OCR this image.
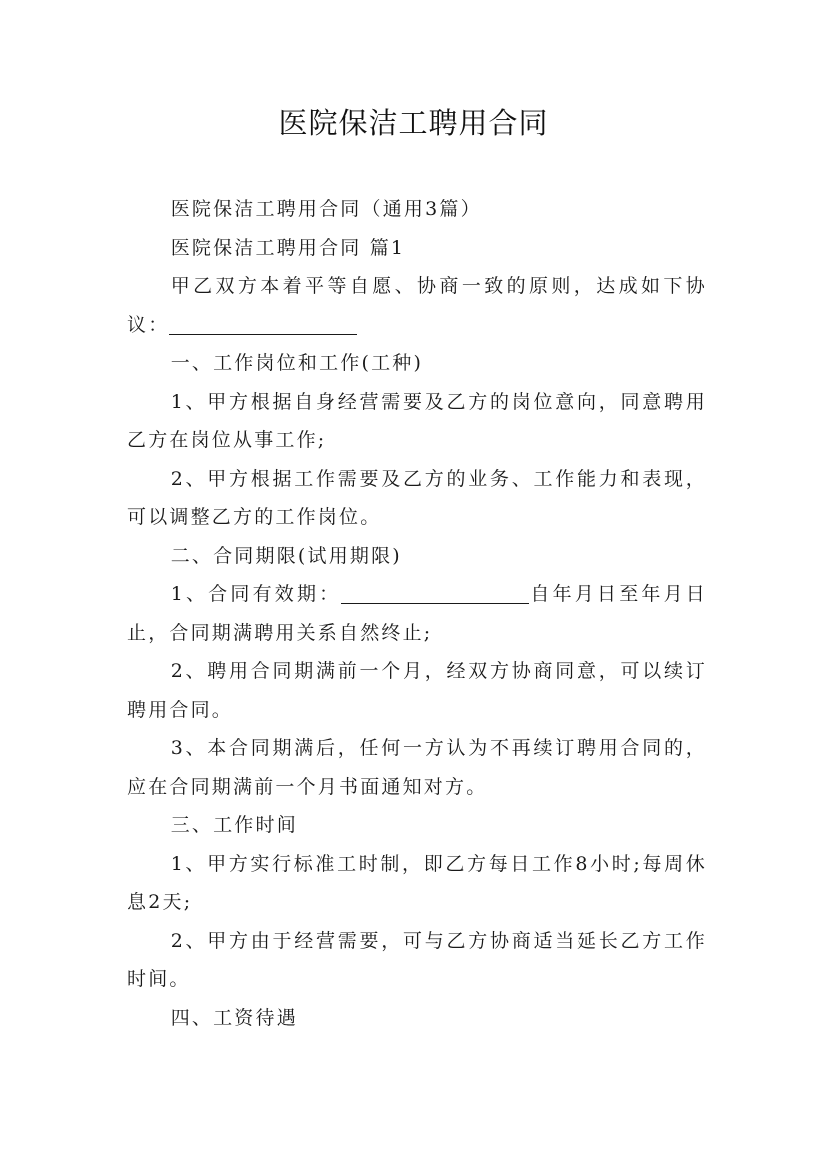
医院保洁工聘用合同

医院保洁工聘用合同（通用3篇）

医院保洁工聘用合同 篇1

甲乙双方本着平等自愿、协商一致的原则，达成如下协议：

一、工作岗位和工作(工种)

1、甲方根据自身经营需要及乙方的岗位意向，同意聘用乙方在岗位从事工作;

2、甲方根据工作需要及乙方的业务、工作能力和表现，可以调整乙方的工作岗位。

二、合同期限(试用期限)

1、合同有效期：	自年月日至年月日止，合同期满聘用关系自然终止;

2、聘用合同期满前一个月，经双方协商同意，可以续订聘用合同。

3、本合同期满后，任何一方认为不再续订聘用合同的，应在合同期满前一个月书面通知对方。

三、工作时间

1、甲方实行标准工时制，即乙方每日工作8小时;每周休息2天;

2、甲方由于经营需要，可与乙方协商适当延长乙方工作时间。

四、工资待遇
